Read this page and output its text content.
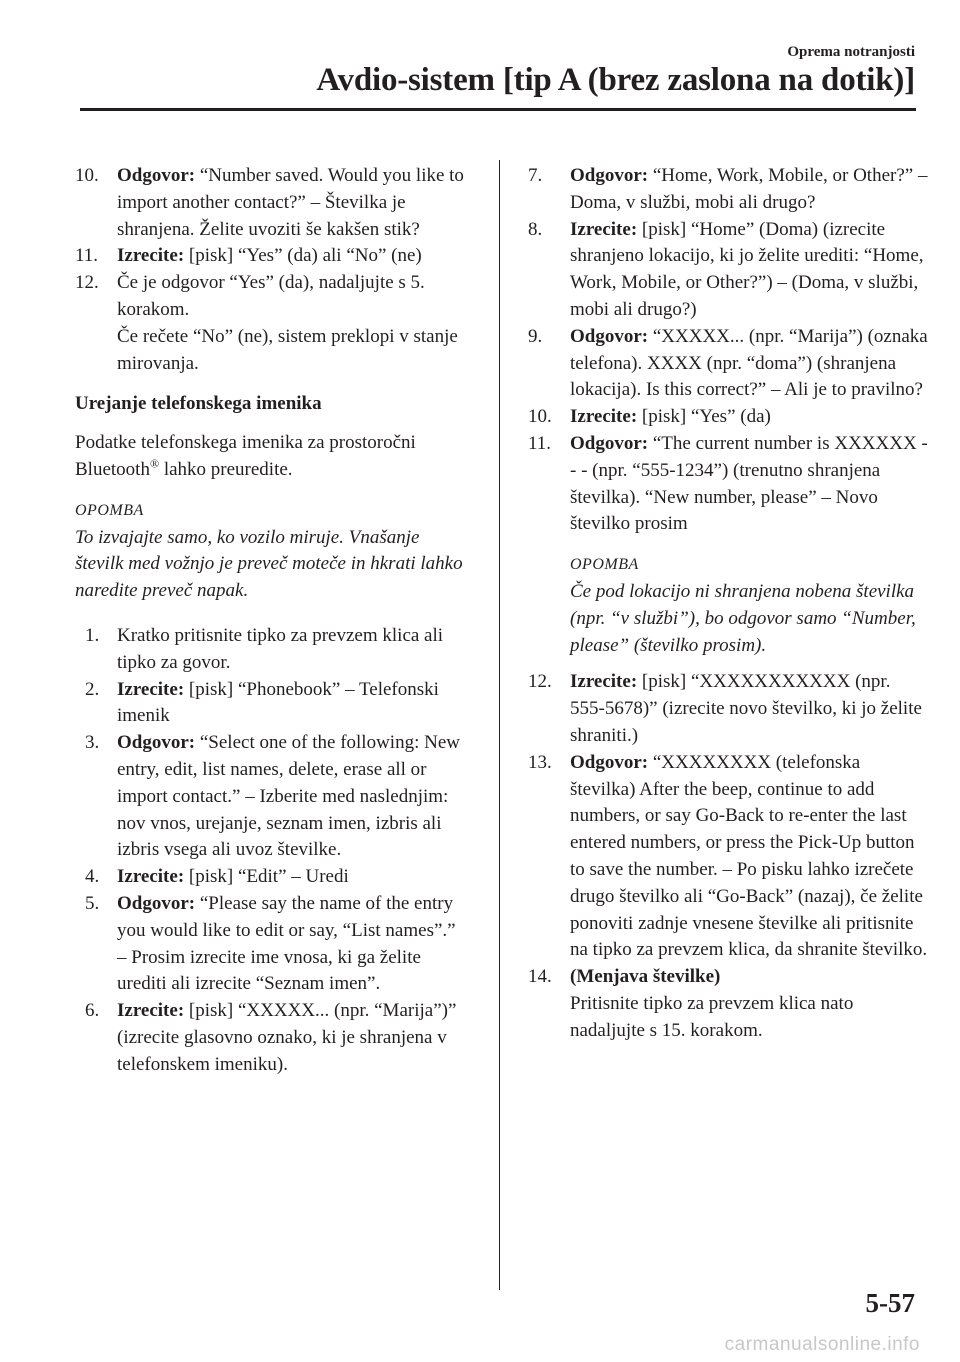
Oprema notranjosti
Avdio-sistem [tip A (brez zaslona na dotik)]
10. Odgovor: “Number saved. Would you like to import another contact?” – Številka je shranjena. Želite uvoziti še kakšen stik?
11. Izrecite: [pisk] “Yes” (da) ali “No” (ne)
12. Če je odgovor “Yes” (da), nadaljujte s 5. korakom.
Če rečete “No” (ne), sistem preklopi v stanje mirovanja.
Urejanje telefonskega imenika
Podatke telefonskega imenika za prostoročni Bluetooth® lahko preuredite.
OPOMBA
To izvajajte samo, ko vozilo miruje. Vnašanje številk med vožnjo je preveč moteče in hkrati lahko naredite preveč napak.
1. Kratko pritisnite tipko za prevzem klica ali tipko za govor.
2. Izrecite: [pisk] “Phonebook” – Telefonski imenik
3. Odgovor: “Select one of the following: New entry, edit, list names, delete, erase all or import contact.” – Izberite med naslednjim: nov vnos, urejanje, seznam imen, izbris ali izbris vsega ali uvoz številke.
4. Izrecite: [pisk] “Edit” – Uredi
5. Odgovor: “Please say the name of the entry you would like to edit or say, “List names”.” – Prosim izrecite ime vnosa, ki ga želite urediti ali izrecite “Seznam imen”.
6. Izrecite: [pisk] “XXXXX... (npr. “Marija”)” (izrecite glasovno oznako, ki je shranjena v telefonskem imeniku).
7. Odgovor: “Home, Work, Mobile, or Other?” – Doma, v službi, mobi ali drugo?
8. Izrecite: [pisk] “Home” (Doma) (izrecite shranjeno lokacijo, ki jo želite urediti: “Home, Work, Mobile, or Other?”) – (Doma, v službi, mobi ali drugo?)
9. Odgovor: “XXXXX... (npr. “Marija”) (oznaka telefona). XXXX (npr. “doma”) (shranjena lokacija). Is this correct?” – Ali je to pravilno?
10. Izrecite: [pisk] “Yes” (da)
11. Odgovor: “The current number is XXXXXX - - - (npr. “555-1234”) (trenutno shranjena številka). “New number, please” – Novo številko prosim
OPOMBA
Če pod lokacijo ni shranjena nobena številka (npr. “v službi”), bo odgovor samo “Number, please” (številko prosim).
12. Izrecite: [pisk] “XXXXXXXXXXX (npr. 555-5678)” (izrecite novo številko, ki jo želite shraniti.)
13. Odgovor: “XXXXXXXX (telefonska številka) After the beep, continue to add numbers, or say Go-Back to re-enter the last entered numbers, or press the Pick-Up button to save the number. – Po pisku lahko izrečete drugo številko ali “Go-Back” (nazaj), če želite ponoviti zadnje vnesene številke ali pritisnite na tipko za prevzem klica, da shranite številko.
14. (Menjava številke)
Pritisnite tipko za prevzem klica nato nadaljujte s 15. korakom.
5-57
carmanualsonline.info
